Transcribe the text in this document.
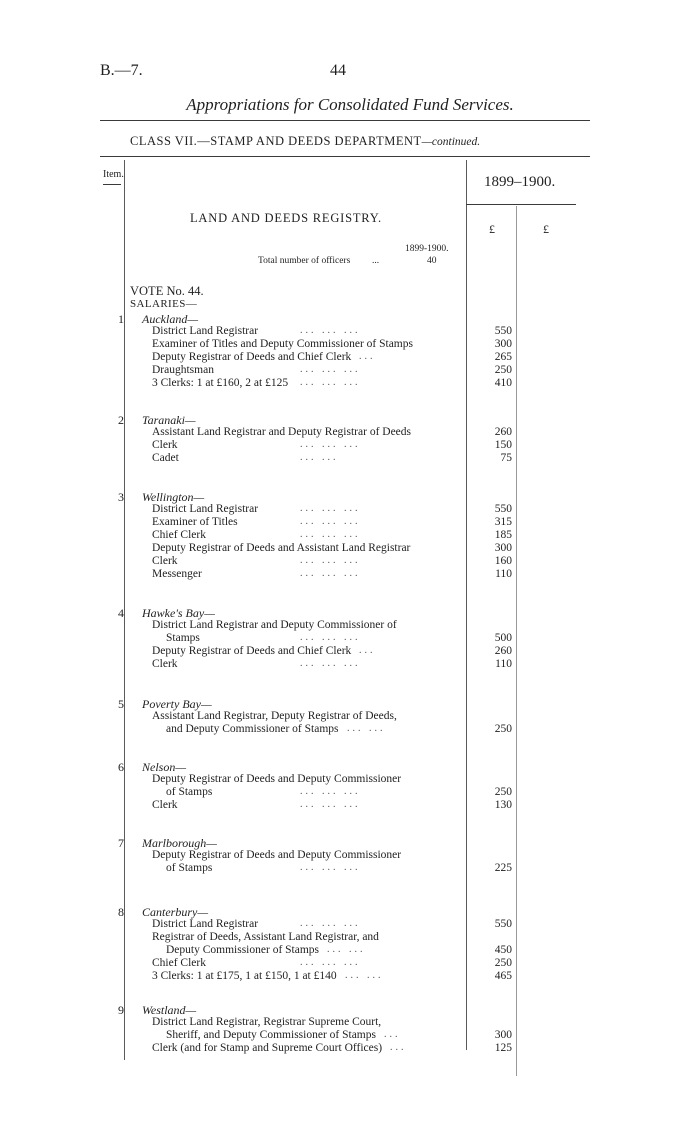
B.—7.	44
Appropriations for Consolidated Fund Services.
CLASS VII.—STAMP AND DEEDS DEPARTMENT—continued.
Item.	1899–1900.
£	£
LAND AND DEEDS REGISTRY.
1899-1900.
Total number of officers ...	40
VOTE No. 44.
SALARIES—
1 Auckland—
District Land Registrar	... ... ...	550
Examiner of Titles and Deputy Commissioner of Stamps	300
Deputy Registrar of Deeds and Chief Clerk ...	265
Draughtsman	... ... ...	250
3 Clerks: 1 at £160, 2 at £125 ... ... ...	410
2 Taranaki—
Assistant Land Registrar and Deputy Registrar of Deeds	260
Clerk	... ... ...	150
Cadet	... ...	75
3 Wellington—
District Land Registrar	... ... ...	550
Examiner of Titles	... ... ...	315
Chief Clerk	... ... ...	185
Deputy Registrar of Deeds and Assistant Land Registrar	300
Clerk	... ... ...	160
Messenger	... ... ...	110
4 Hawke's Bay—
District Land Registrar and Deputy Commissioner of
Stamps	... ... ...	500
Deputy Registrar of Deeds and Chief Clerk ...	260
Clerk	... ... ...	110
5 Poverty Bay—
Assistant Land Registrar, Deputy Registrar of Deeds,
and Deputy Commissioner of Stamps ... ...	250
6 Nelson—
Deputy Registrar of Deeds and Deputy Commissioner
of Stamps	... ... ...	250
Clerk	... ... ...	130
7 Marlborough—
Deputy Registrar of Deeds and Deputy Commissioner
of Stamps	... ... ...	225
8 Canterbury—
District Land Registrar	... ... ...	550
Registrar of Deeds, Assistant Land Registrar, and
Deputy Commissioner of Stamps ... ...	450
Chief Clerk	... ... ...	250
3 Clerks: 1 at £175, 1 at £150, 1 at £140 ... ...	465
9 Westland—
District Land Registrar, Registrar Supreme Court,
Sheriff, and Deputy Commissioner of Stamps ...	300
Clerk (and for Stamp and Supreme Court Offices) ...	125
